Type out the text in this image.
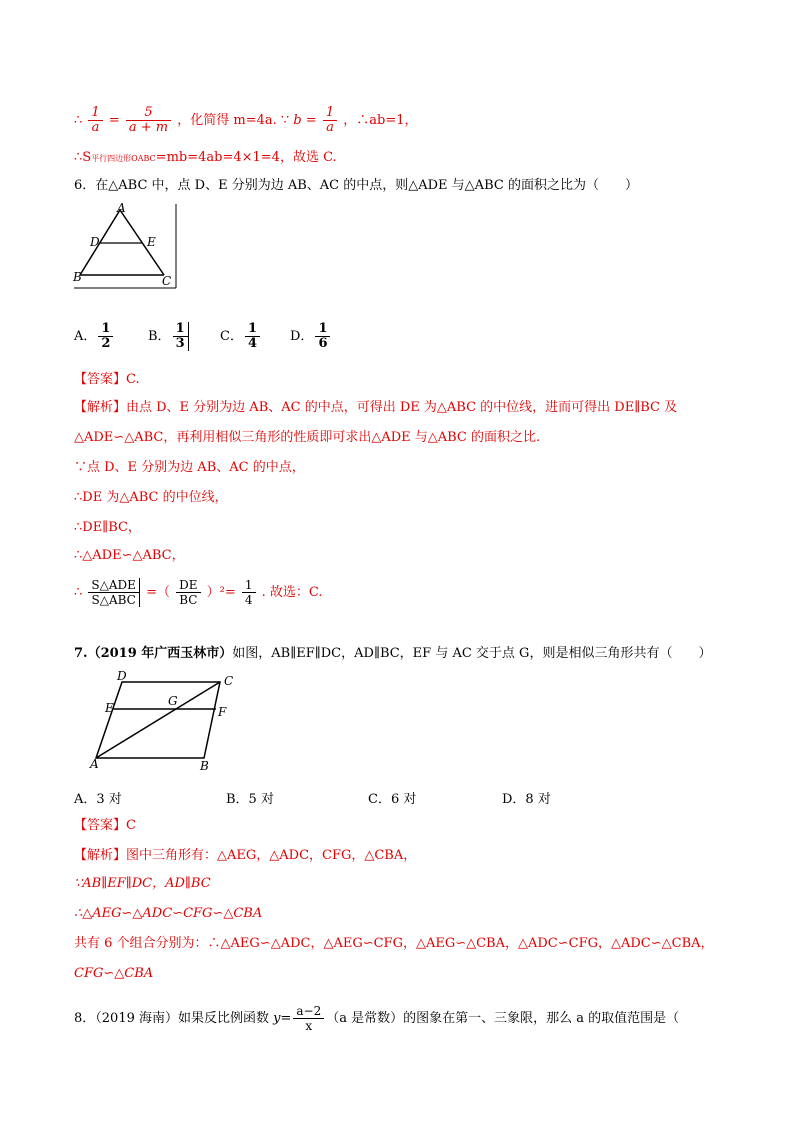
∴ $\frac{1}{a} = \frac{5}{a + m}$ ，化简得 m=4a. ∵ $b = \frac{1}{a}$ ，∴ab=1，
∴S平行四边形OABC=mb=4ab=4×1=4，故选 C.
6．在△ABC 中，点 D、E 分别为边 AB、AC 的中点，则△ADE 与△ABC 的面积之比为（　　）
A
D	E
B	C
A． $\frac{1}{2}$	B． $\frac{1}{3}$ C． $\frac{1}{4}$ D． $\frac{1}{6}$
【答案】C.
【解析】由点 D、E 分别为边 AB、AC 的中点，可得出 DE 为△ABC 的中位线，进而可得出 DE∥BC 及
△ADE∽△ABC，再利用相似三角形的性质即可求出△ADE 与△ABC 的面积之比.
∵点 D、E 分别为边 AB、AC 的中点，
∴DE 为△ABC 的中位线，
∴DE∥BC，
∴△ADE∽△ABC，
∴ $\frac{\text{S△ADE}}{\text{S△ABC}}$ =（ $\frac{DE}{BC} )^2= \frac{1}{4}$ . 故选：C.
7.（2019 年广西玉林市）如图，AB∥EF∥DC，AD∥BC，EF 与 AC 交于点 G，则是相似三角形共有（　　）
D	C
E	G
F
A	B
A．3 对	B．5 对	C．6 对	D．8 对
【答案】C
【解析】图中三角形有：△AEG，△ADC，CFG，△CBA，
∵AB∥EF∥DC，AD∥BC
∴△AEG∽△ADC∽CFG∽△CBA
共有 6 个组合分别为：∴△AEG∽△ADC，△AEG∽CFG，△AEG∽△CBA，△ADC∽CFG，△ADC∽△CBA，
CFG∽△CBA
8．（2019 海南）如果反比例函数 $y= \frac{a-2}{x} (a$ 是常数）的图象在第一、三象限，那么 a 的取值范围是（
